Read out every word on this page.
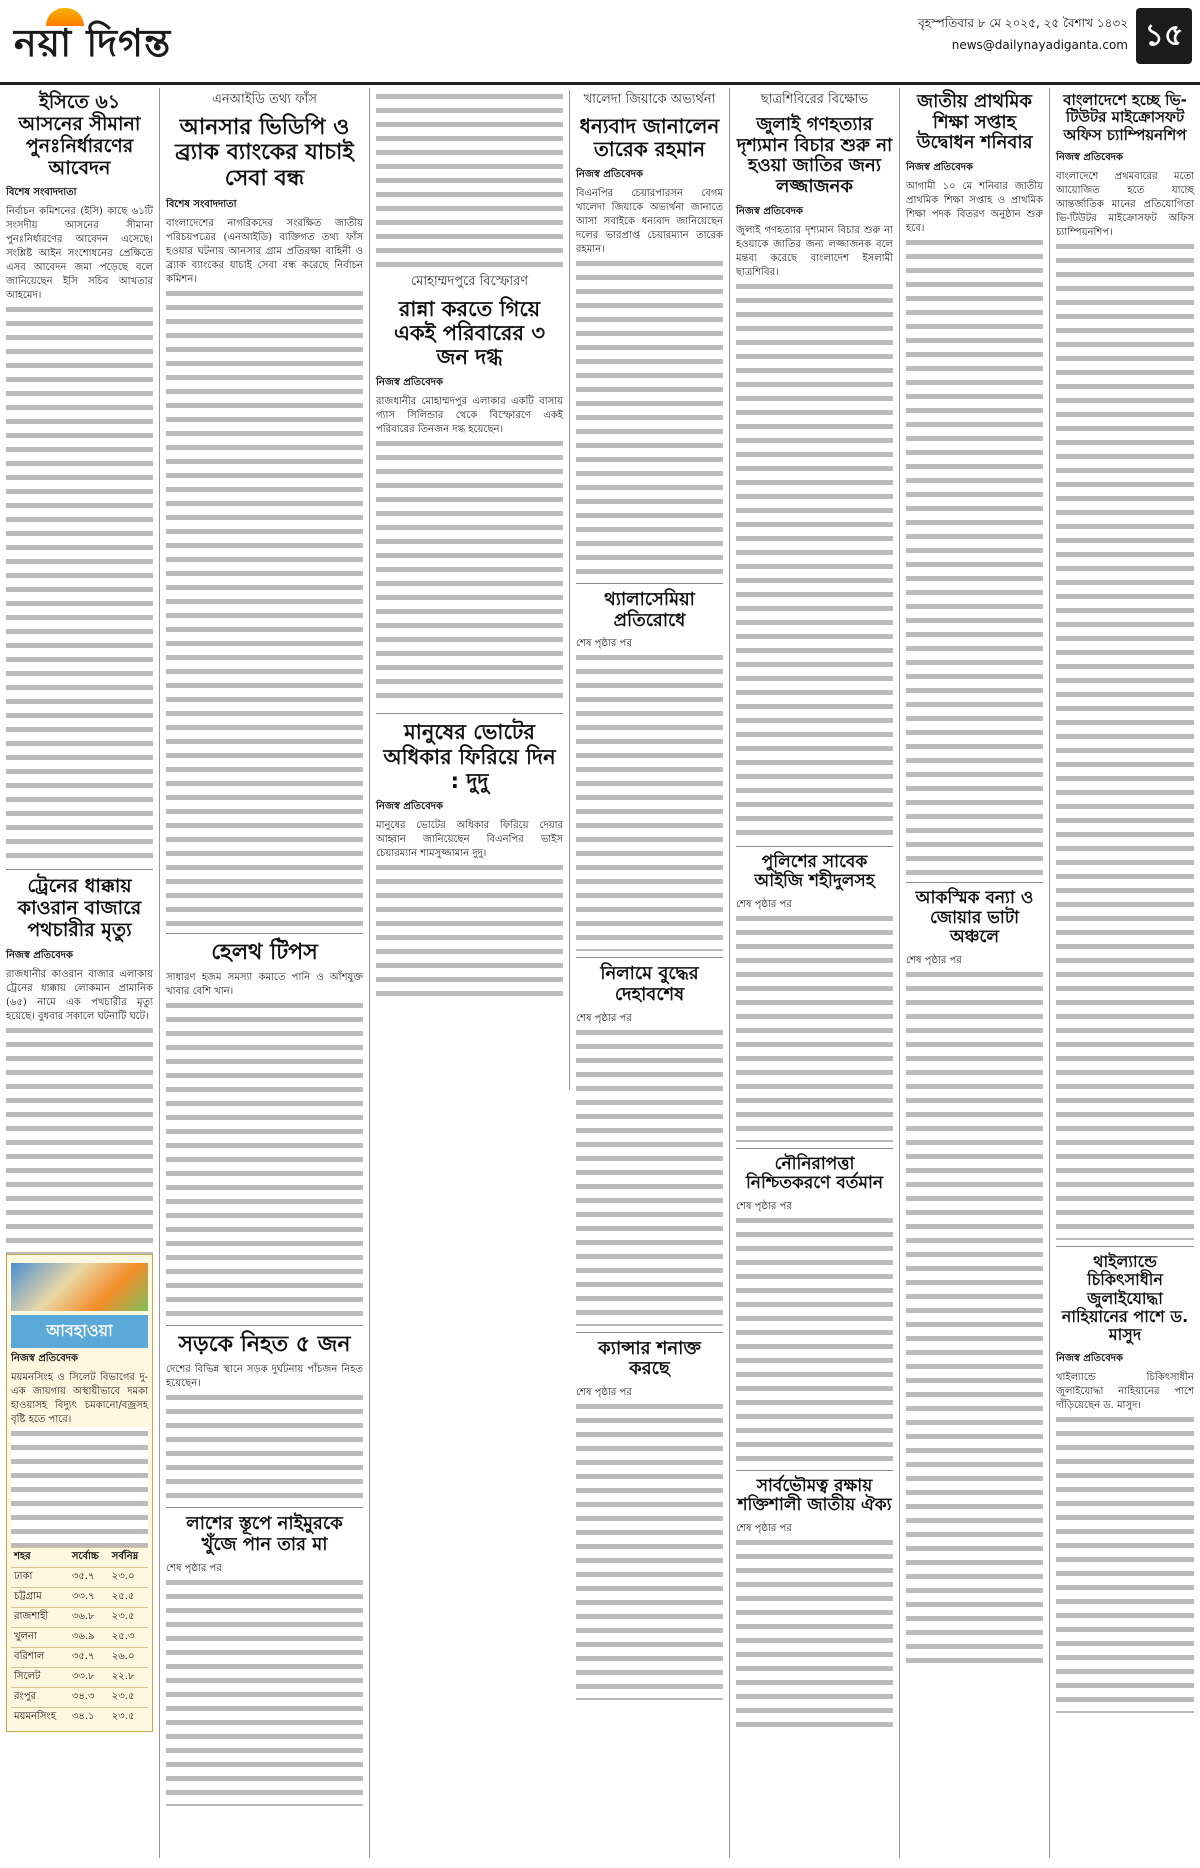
নয়া দিগন্ত	বৃহস্পতিবার ৮ মে ২০২৫, ২৫ বৈশাখ ১৪৩২
news@dailynayadiganta.com ১৫
ইসিতে ৬১ আসনের সীমানা পুনঃনির্ধারণের আবেদন
বিশেষ সংবাদদাতা
নির্বাচন কমিশনের (ইসি) কাছে ৬১টি সংসদীয় আসনের সীমানা পুনঃনির্ধারণের আবেদন এসেছে। সংশ্লিষ্ট আইন সংশোধনের প্রেক্ষিতে এসব আবেদন জমা পড়েছে বলে জানিয়েছেন ইসি সচিব আখতার আহমেদ।
ট্রেনের ধাক্কায় কাওরান বাজারে পথচারীর মৃত্যু
নিজস্ব প্রতিবেদক
রাজধানীর কাওরান বাজার এলাকায় ট্রেনের ধাক্কায় লোকমান প্রামানিক (৬৫) নামে এক পথচারীর মৃত্যু হয়েছে। বুধবার সকালে ঘটনাটি ঘটে।
আবহাওয়া
নিজস্ব প্রতিবেদক
ময়মনসিংহ ও সিলেট বিভাগের দু-এক জায়গায় অস্থায়ীভাবে দমকা হাওয়াসহ বিদ্যুৎ চমকানো/বজ্রসহ বৃষ্টি হতে পারে।
শহর	সর্বোচ্চ	সর্বনিম্ন
ঢাকা	৩৫.৭	২৩.০
চট্টগ্রাম	৩৩.৭	২৫.৫
রাজশাহী	৩৬.৮	২৩.৫
খুলনা	৩৬.৯	২৫.৩
বরিশাল	৩৫.৭	২৬.০
সিলেট	৩৩.৮	২২.৮
রংপুর	৩৪.৩	২৩.৫
ময়মনসিংহ	৩৪.১	২৩.৫
এনআইডি তথ্য ফাঁস
আনসার ভিডিপি ও ব্র্যাক ব্যাংকের যাচাই সেবা বন্ধ
বিশেষ সংবাদদাতা
বাংলাদেশের নাগরিকদের সংরক্ষিত জাতীয় পরিচয়পত্রের (এনআইডি) ব্যক্তিগত তথ্য ফাঁস হওয়ার ঘটনায় আনসার গ্রাম প্রতিরক্ষা বাহিনী ও ব্র্যাক ব্যাংকের যাচাই সেবা বন্ধ করেছে নির্বাচন কমিশন।
হেলথ টিপস
সাধারণ হজম সমস্যা কমাতে পানি ও আঁশযুক্ত খাবার বেশি খান।
সড়কে নিহত ৫ জন
দেশের বিভিন্ন স্থানে সড়ক দুর্ঘটনায় পাঁচজন নিহত হয়েছেন।
লাশের স্তূপে নাইমুরকে খুঁজে পান তার মা
শেষ পৃষ্ঠার পর
মোহাম্মদপুরে বিস্ফোরণ
রান্না করতে গিয়ে একই পরিবারের ৩ জন দগ্ধ
নিজস্ব প্রতিবেদক
রাজধানীর মোহাম্মদপুর এলাকার একটি বাসায় গ্যাস সিলিন্ডার থেকে বিস্ফোরণে একই পরিবারের তিনজন দগ্ধ হয়েছেন।
মানুষের ভোটের অধিকার ফিরিয়ে দিন : দুদু
নিজস্ব প্রতিবেদক
মানুষের ভোটের অধিকার ফিরিয়ে দেয়ার আহ্বান জানিয়েছেন বিএনপির ভাইস চেয়ারম্যান শামসুজ্জামান দুদু।
খালেদা জিয়াকে অভ্যর্থনা
ধন্যবাদ জানালেন তারেক রহমান
নিজস্ব প্রতিবেদক
বিএনপির চেয়ারপারসন বেগম খালেদা জিয়াকে অভ্যর্থনা জানাতে আসা সবাইকে ধন্যবাদ জানিয়েছেন দলের ভারপ্রাপ্ত চেয়ারম্যান তারেক রহমান।
থ্যালাসেমিয়া প্রতিরোধে
শেষ পৃষ্ঠার পর
নিলামে বুদ্ধের দেহাবশেষ
শেষ পৃষ্ঠার পর
ক্যান্সার শনাক্ত করছে
শেষ পৃষ্ঠার পর
ছাত্রশিবিরের বিক্ষোভ
জুলাই গণহত্যার দৃশ্যমান বিচার শুরু না হওয়া জাতির জন্য লজ্জাজনক
নিজস্ব প্রতিবেদক
জুলাই গণহত্যার দৃশ্যমান বিচার শুরু না হওয়াকে জাতির জন্য লজ্জাজনক বলে মন্তব্য করেছে বাংলাদেশ ইসলামী ছাত্রশিবির।
পুলিশের সাবেক আইজি শহীদুলসহ
শেষ পৃষ্ঠার পর
নৌনিরাপত্তা নিশ্চিতকরণে বর্তমান
শেষ পৃষ্ঠার পর
সার্বভৌমত্ব রক্ষায় শক্তিশালী জাতীয় ঐক্য
শেষ পৃষ্ঠার পর
জাতীয় প্রাথমিক শিক্ষা সপ্তাহ উদ্বোধন শনিবার
নিজস্ব প্রতিবেদক
আগামী ১০ মে শনিবার জাতীয় প্রাথমিক শিক্ষা সপ্তাহ ও প্রাথমিক শিক্ষা পদক বিতরণ অনুষ্ঠান শুরু হবে।
আকস্মিক বন্যা ও জোয়ার ভাটা অঞ্চলে
শেষ পৃষ্ঠার পর
বাংলাদেশে হচ্ছে ভি-টিউটর মাইক্রোসফট অফিস চ্যাম্পিয়নশিপ
নিজস্ব প্রতিবেদক
বাংলাদেশে প্রথমবারের মতো আয়োজিত হতে যাচ্ছে আন্তর্জাতিক মানের প্রতিযোগিতা ভি-টিউটর মাইক্রোসফট অফিস চ্যাম্পিয়নশিপ।
থাইল্যান্ডে চিকিৎসাধীন জুলাইযোদ্ধা নাহিয়ানের পাশে ড. মাসুদ
নিজস্ব প্রতিবেদক
থাইল্যান্ডে চিকিৎসাধীন জুলাইযোদ্ধা নাহিয়ানের পাশে দাঁড়িয়েছেন ড. মাসুদ।
